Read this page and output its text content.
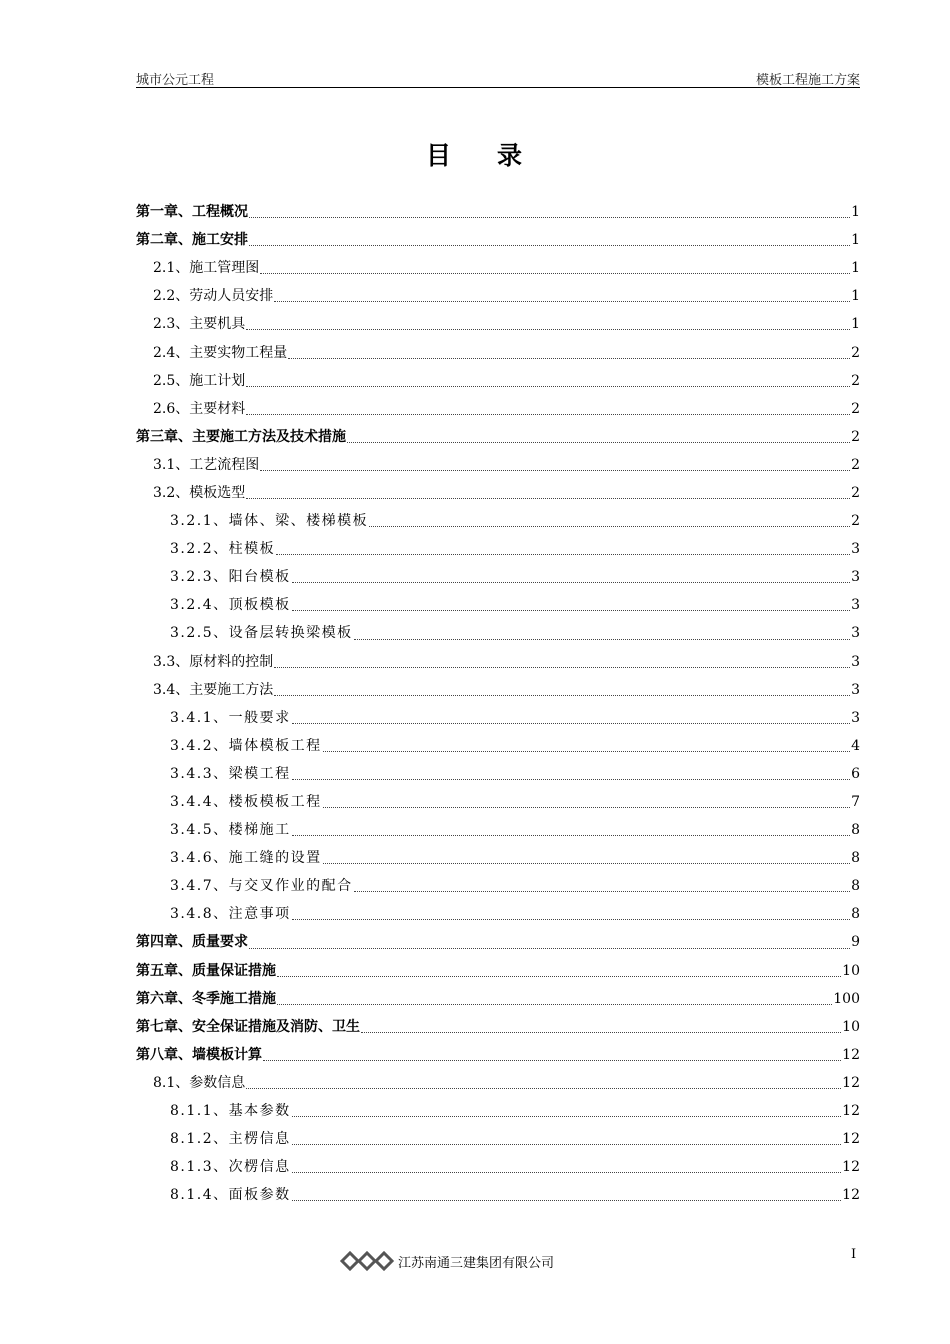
城市公元工程	模板工程施工方案
目 录
第一章、工程概况	1
第二章、施工安排	1
2.1、施工管理图	1
2.2、劳动人员安排	1
2.3、主要机具	1
2.4、主要实物工程量	2
2.5、施工计划	2
2.6、主要材料	2
第三章、主要施工方法及技术措施	2
3.1、工艺流程图	2
3.2、模板选型	2
3.2.1、墙体、梁、楼梯模板	2
3.2.2、柱模板	3
3.2.3、阳台模板	3
3.2.4、顶板模板	3
3.2.5、设备层转换梁模板	3
3.3、原材料的控制	3
3.4、主要施工方法	3
3.4.1、一般要求	3
3.4.2、墙体模板工程	4
3.4.3、梁模工程	6
3.4.4、楼板模板工程	7
3.4.5、楼梯施工	8
3.4.6、施工缝的设置	8
3.4.7、与交叉作业的配合	8
3.4.8、注意事项	8
第四章、质量要求	9
第五章、质量保证措施	10
第六章、冬季施工措施	100
第七章、安全保证措施及消防、卫生	10
第八章、墙模板计算	12
8.1、参数信息	12
8.1.1、基本参数	12
8.1.2、主楞信息	12
8.1.3、次楞信息	12
8.1.4、面板参数	12
江苏南通三建集团有限公司
I
